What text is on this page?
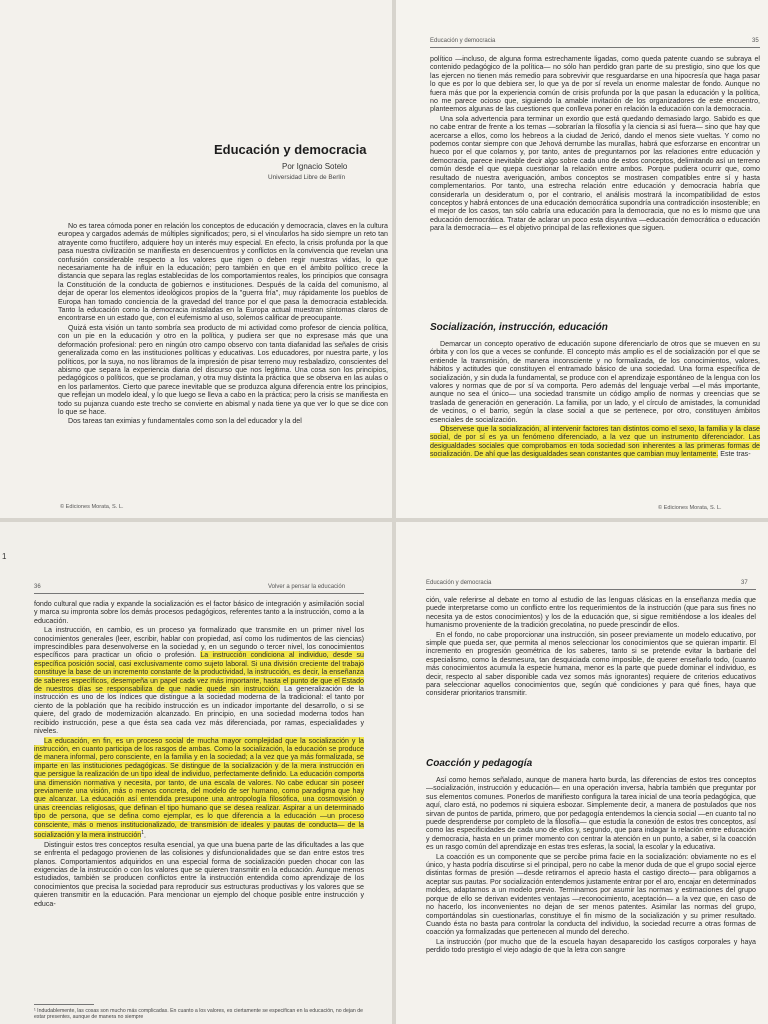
Educación y democracia
Por Ignacio Sotelo
Universidad Libre de Berlín

No es tarea cómoda poner en relación los conceptos de educación y democracia, claves en la cultura europea y cargados además de múltiples significados; pero, si el vincularlos ha sido siempre un reto tan atrayente como fructífero, adquiere hoy un interés muy especial. En efecto, la crisis profunda por la que pasa nuestra civilización se manifiesta en desencuentros y conflictos en la convivencia que revelan una confusión considerable respecto a los valores que rigen o deben regir nuestras vidas, lo que necesariamente ha de influir en la educación; pero también en que en el ámbito político crece la distancia que separa las reglas establecidas de los comportamientos reales, los principios que consagra la Constitución de la conducta de gobiernos e instituciones. Después de la caída del comunismo, al dejar de operar los elementos ideológicos propios de la "guerra fría", muy rápidamente los pueblos de Europa han tomado conciencia de la gravedad del trance por el que pasa la democracia establecida. Tanto la educación como la democracia instaladas en la Europa actual muestran síntomas claros de encontrarse en un estado que, con el eufemismo al uso, solemos calificar de preocupante.

Quizá esta visión un tanto sombría sea producto de mi actividad como profesor de ciencia política, con un pie en la educación y otro en la política, y pudiera ser que no expresase más que una deformación profesional: pero en ningún otro campo observo con tanta diafanidad las señales de crisis generalizada como en las instituciones políticas y educativas. Los educadores, por nuestra parte, y los políticos, por la suya, no nos libramos de la impresión de pisar terreno muy resbaladizo, conscientes del abismo que separa la experiencia diaria del discurso que nos legitima. Una cosa son los principios, pedagógicos o políticos, que se proclaman, y otra muy distinta la práctica que se observa en las aulas o en los parlamentos. Cierto que parece inevitable que se produzca alguna diferencia entre los principios, que reflejan un modelo ideal, y lo que luego se lleva a cabo en la práctica; pero la crisis se manifiesta en todo su pujanza cuando este trecho se convierte en abismal y nada tiene ya que ver lo que se dice con lo que se hace.

Dos tareas tan eximias y fundamentales como son la del educador y la del

© Ediciones Morata, S. L.
Educación y democracia	35

político —incluso, de alguna forma estrechamente ligadas, como queda patente cuando se subraya el contenido pedagógico de la política— no sólo han perdido gran parte de su prestigio, sino que los que las ejercen no tienen más remedio para sobrevivir que resguardarse en una hipocresía que haga pasar lo que es por lo que debiera ser, lo que ya de por sí revela un enorme malestar de fondo. Aunque no fuera más que por la experiencia común de crisis profunda por la que pasan la educación y la política, no me parece ocioso que, siguiendo la amable invitación de los organizadores de este encuentro, planteemos algunas de las cuestiones que conlleva poner en relación la educación con la democracia.

Una sola advertencia para terminar un exordio que está quedando demasiado largo. Sabido es que no cabe entrar de frente a los temas —sobrarían la filosofía y la ciencia si así fuera— sino que hay que acercarse a ellos, como los hebreos a la ciudad de Jericó, dando el menos siete vueltas. Y como no podemos contar siempre con que Jehová derrumbe las murallas, habrá que esforzarse en encontrar un hueco por el que colarnos y, por tanto, antes de preguntarnos por las relaciones entre educación y democracia, parece inevitable decir algo sobre cada uno de estos conceptos, delimitando así un terreno común desde el que quepa cuestionar la relación entre ambos. Porque pudiera ocurrir que, como resultado de nuestra averiguación, ambos conceptos se mostrasen compatibles entre sí y hasta complementarios. Por tanto, una estrecha relación entre educación y democracia habría que considerarla un desideratum o, por el contrario, el análisis mostrará la incompatibilidad de estos conceptos y habrá entonces de una educación democrática supondría una contradicción insostenible; en el mejor de los casos, tan sólo cabría una educación para la democracia, que no es lo mismo que una educación democrática. Tratar de aclarar un poco esta disyuntiva —educación democrática o educación para la democracia— es el objetivo principal de las reflexiones que siguen.

Socialización, instrucción, educación

Demarcar un concepto operativo de educación supone diferenciarlo de otros que se mueven en su órbita y con los que a veces se confunde. El concepto más amplio es el de socialización por el que se entiende la transmisión, de manera inconsciente y no formalizada, de los conocimientos, valores, hábitos y actitudes que constituyen el entramado básico de una sociedad. Una forma específica de socialización, y sin duda la fundamental, se produce con el aprendizaje espontáneo de la lengua con los valores y normas que de por sí va comporta. Pero además del lenguaje verbal —el más importante, aunque no sea el único— una sociedad transmite un código amplio de normas y creencias que se traslada de generación en generación. La familia, por un lado, y el círculo de amistades, la comunidad de vecinos, o el barrio, según la clase social a que se pertenece, por otro, constituyen ámbitos esenciales de socialización.

Observese que la socialización, al intervenir factores tan distintos como el sexo, la familia y la clase social, de por sí es ya un fenómeno diferenciado, a la vez que un instrumento diferenciador. Las desigualdades sociales que comprobamos en toda sociedad son inherentes a las primeras formas de socialización. De ahí que las desigualdades sean constantes que cambian muy lentamente. Este tras-

© Ediciones Morata, S. L.
36	Volver a pensar la educación

fondo cultural que radia y expande la socialización es el factor básico de integración y asimilación social y marca su impronta sobre los demás procesos pedagógicos, referentes tanto a la instrucción, como a la educación.

La instrucción, en cambio, es un proceso ya formalizado que transmite en un primer nivel los conocimientos generales (leer, escribir, hablar con propiedad, así como los rudimentos de las ciencias) imprescindibles para desenvolverse en la sociedad y, en un segundo o tercer nivel, los conocimientos específicos para practicar un oficio o profesión. La instrucción condiciona al individuo, desde su específica posición social, casi exclusivamente como sujeto laboral. Si una división creciente del trabajo constituye la base de un incremento constante de la productividad, la instrucción, es decir, la enseñanza de saberes específicos, desempeña un papel cada vez más importante, hasta el punto de que el Estado de nuestros días se responsabiliza de que nadie quede sin instrucción. La generalización de la instrucción es uno de los índices que distingue a la sociedad moderna de la tradicional: el tanto por ciento de la población que ha recibido instrucción es un indicador importante del desarrollo, o si se quiere, del grado de modernización alcanzado. En principio, en una sociedad moderna todos han recibido instrucción, pese a que ésta sea cada vez más diferenciada, por ramas, especialidades y niveles.

La educación, en fin, es un proceso social de mucha mayor complejidad que la socialización y la instrucción, en cuanto participa de los rasgos de ambas. Como la socialización, la educación se produce de manera informal, pero consciente, en la familia y en la sociedad; a la vez que ya más formalizada, se imparte en las instituciones pedagógicas. Se distingue de la socialización y de la mera instrucción en que persigue la realización de un tipo ideal de individuo, perfectamente definido. La educación comporta una dimensión normativa y necesita, por tanto, de una escala de valores. No cabe educar sin poseer previamente una visión, más o menos concreta, del modelo de ser humano, como paradigma que hay que alcanzar. La educación así entendida presupone una antropología filosófica, una cosmovisión o unas creencias religiosas, que definan el tipo humano que se desea realizar. Aspirar a un determinado tipo de persona, que se defina como ejemplar, es lo que diferencia a la educación —un proceso consciente, más o menos institucionalizado, de transmisión de ideales y pautas de conducta— de la socialización y la mera instrucción$^1$.

Distinguir estos tres conceptos resulta esencial, ya que una buena parte de las dificultades a las que se enfrenta el pedagogo provienen de las colisiones y disfuncionalidades que se dan entre estos tres planos. Comportamientos adquiridos en una especial forma de socialización pueden chocar con las exigencias de la instrucción o con los valores que se quieren transmitir en la educación. Aunque menos estudiados, también se producen conflictos entre la instrucción entendida como aprendizaje de los conocimientos que precisa la sociedad para reproducir sus estructuras productivas y los valores que se quieren transmitir en la educación. Para mencionar un ejemplo del choque posible entre instrucción y educa-

¹ Indudablemente, las cosas son mucho más complicadas. En cuanto a los valores, es ciertamente se especifican en la educación, no dejan de estar presentes, aunque de manera no siempre
Educación y democracia	37

ción, vale referirse al debate en torno al estudio de las lenguas clásicas en la enseñanza media que puede interpretarse como un conflicto entre los requerimientos de la instrucción (que para sus fines no necesita ya de estos conocimientos) y los de la educación que, si sigue remitiéndose a los ideales del humanismo proveniente de la tradición grecolatina, no puede prescindir de ellos.

En el fondo, no cabe proporcionar una instrucción, sin poseer previamente un modelo educativo, por simple que pueda ser, que permita al menos seleccionar los conocimientos que se quieran impartir. El incremento en progresión geométrica de los saberes, tanto si se pretende evitar la barbarie del especialismo, como la desmesura, tan desquiciada como imposible, de querer enseñarlo todo, (cuanto más conocimientos acumula la especie humana, menor es la parte que puede dominar el individuo, es decir, respecto al saber disponible cada vez somos más ignorantes) requiere de criterios educativos para seleccionar aquellos conocimientos que, según qué condiciones y para qué fines, haya que considerar prioritarios transmitir.

Coacción y pedagogía

Así como hemos señalado, aunque de manera harto burda, las diferencias de estos tres conceptos —socialización, instrucción y educación— en una operación inversa, habría también que preguntar por sus elementos comunes. Ponerlos de manifiesto configura la tarea inicial de una teoría pedagógica, que aquí, claro está, no podemos ni siquiera esbozar. Simplemente decir, a manera de postulados que nos sirvan de puntos de partida, primero, que por pedagogía entendemos la ciencia social —en cuanto tal no puede desprenderse por completo de la filosofía— que estudia la conexión de estos tres conceptos, así como las especificidades de cada uno de ellos y, segundo, que para indagar la relación entre educación y democracia, hasta en un primer momento con centrar la atención en un punto, a saber, si la coacción es un rasgo común del aprendizaje en estas tres esferas, la social, la escolar y la educativa.

La coacción es un componente que se percibe prima facie en la socialización: obviamente no es el único, y hasta podría discutirse si el principal, pero no cabe la menor duda de que el grupo social ejerce distintas formas de presión —desde retirarnos el aprecio hasta el castigo directo— para obligarnos a aceptar sus pautas. Por socialización entendemos justamente entrar por el aro, encajar en determinados moldes, adaptarnos a un modelo previo. Terminamos por asumir las normas y estimaciones del grupo porque de ello se derivan evidentes ventajas —reconocimiento, aceptación— a la vez que, en caso de no hacerlo, los inconvenientes no dejan de ser menos patentes. Asimilar las normas del grupo, comportándolas sin cuestionarlas, constituye el fin mismo de la socialización y su primer resultado. Cuando ésta no basta para controlar la conducta del individuo, la sociedad recurre a otras formas de coacción ya formalizadas que pertenecen al mundo del derecho.

La instrucción (por mucho que de la escuela hayan desaparecido los castigos corporales y haya perdido todo prestigio el viejo adagio de que la letra con sangre

1
